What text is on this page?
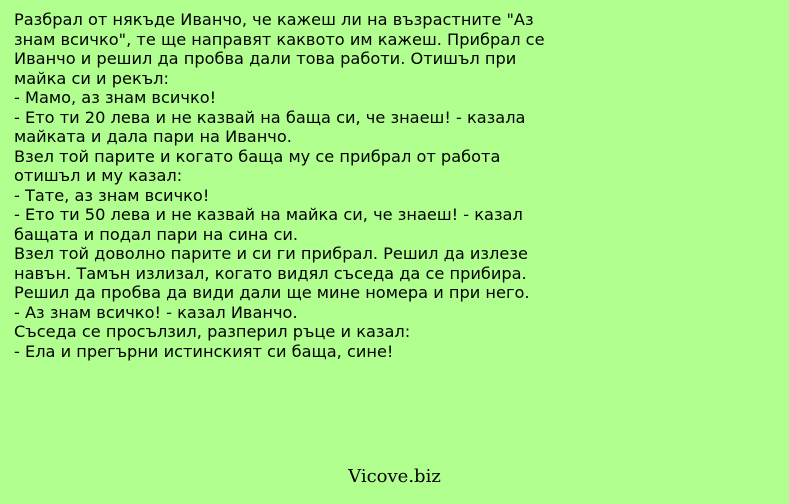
Разбрал от някъде Иванчо, че кажеш ли на възрастните "Аз
знам всичко", те ще направят каквото им кажеш. Прибрал се
Иванчо и решил да пробва дали това работи. Отишъл при
майка си и рекъл:
- Мамо, аз знам всичко!
- Ето ти 20 лева и не казвай на баща си, че знаеш! - казала
майката и дала пари на Иванчо.
Взел той парите и когато баща му се прибрал от работа
отишъл и му казал:
- Тате, аз знам всичко!
- Ето ти 50 лева и не казвай на майка си, че знаеш! - казал
бащата и подал пари на сина си.
Взел той доволно парите и си ги прибрал. Решил да излезе
навън. Тамън излизал, когато видял съседа да се прибира.
Решил да пробва да види дали ще мине номера и при него.
- Аз знам всичко! - казал Иванчо.
Съседа се просълзил, разперил ръце и казал:
- Ела и прегърни истинският си баща, сине!
Vicove.biz
